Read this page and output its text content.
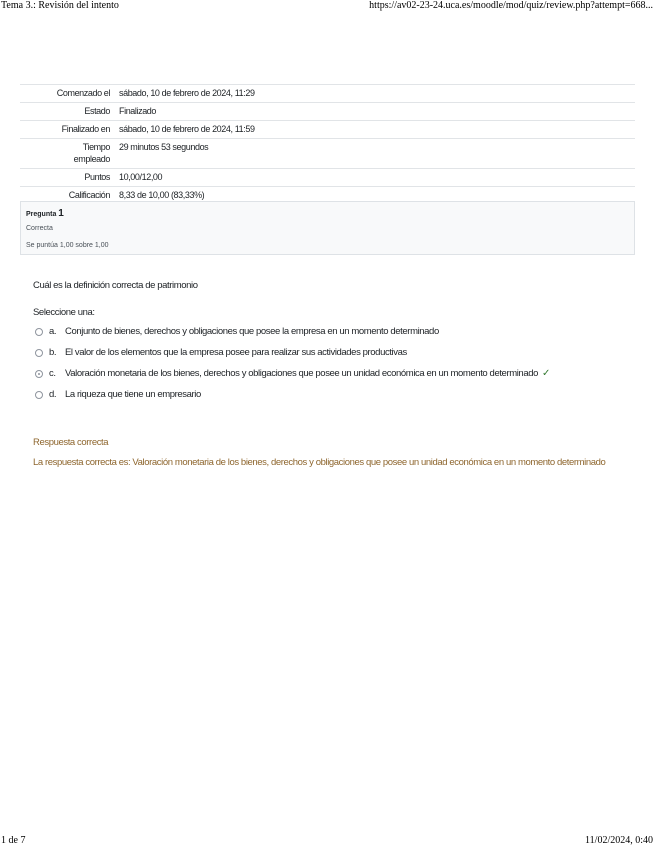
Tema 3.: Revisión del intento	https://av02-23-24.uca.es/moodle/mod/quiz/review.php?attempt=668...
Comenzado el	sábado, 10 de febrero de 2024, 11:29
Estado	Finalizado
Finalizado en	sábado, 10 de febrero de 2024, 11:59
Tiempo empleado	29 minutos 53 segundos
Puntos	10,00/12,00
Calificación	8,33 de 10,00 (83,33%)
Pregunta 1
Correcta
Se puntúa 1,00 sobre 1,00
Cuál es la definición correcta de patrimonio
Seleccione una:
a. Conjunto de bienes, derechos y obligaciones que posee la empresa en un momento determinado
b. El valor de los elementos que la empresa posee para realizar sus actividades productivas
c. Valoración monetaria de los bienes, derechos y obligaciones que posee un unidad económica en un momento determinado ✓
d. La riqueza que tiene un empresario
Respuesta correcta
La respuesta correcta es: Valoración monetaria de los bienes, derechos y obligaciones que posee un unidad económica en un momento determinado
1 de 7	11/02/2024, 0:40
